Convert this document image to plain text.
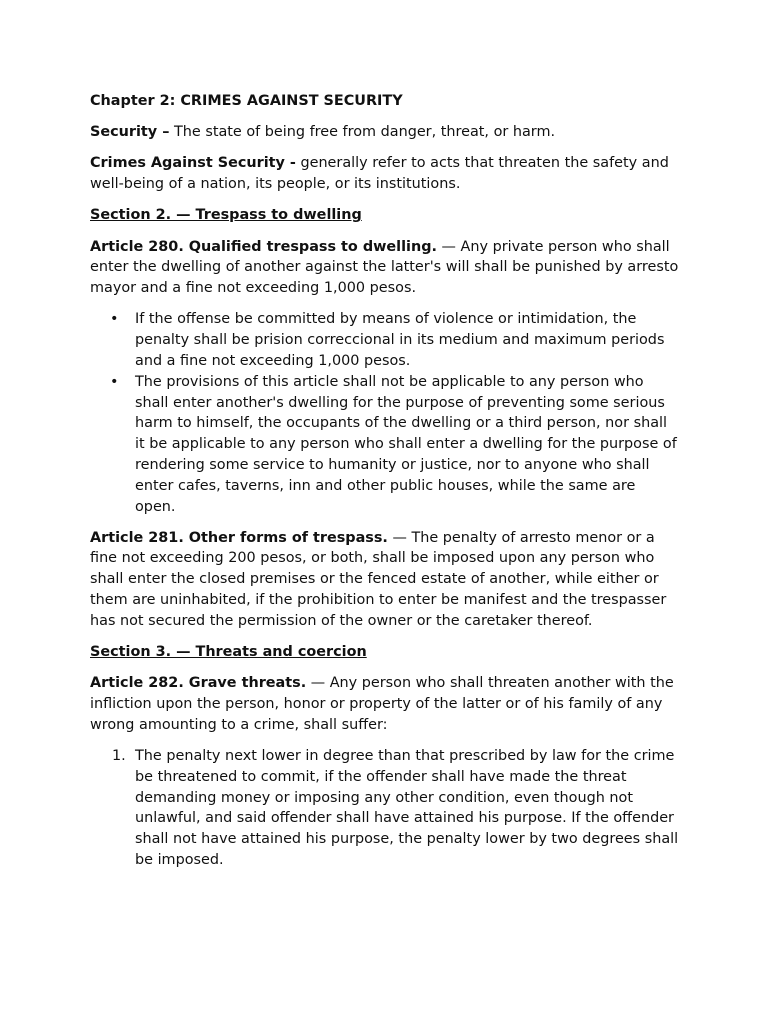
Chapter 2: CRIMES AGAINST SECURITY

Security – The state of being free from danger, threat, or harm.

Crimes Against Security - generally refer to acts that threaten the safety and well-being of a nation, its people, or its institutions.

Section 2. — Trespass to dwelling

Article 280. Qualified trespass to dwelling. — Any private person who shall enter the dwelling of another against the latter's will shall be punished by arresto mayor and a fine not exceeding 1,000 pesos.

• If the offense be committed by means of violence or intimidation, the penalty shall be prision correccional in its medium and maximum periods and a fine not exceeding 1,000 pesos.
• The provisions of this article shall not be applicable to any person who shall enter another's dwelling for the purpose of preventing some serious harm to himself, the occupants of the dwelling or a third person, nor shall it be applicable to any person who shall enter a dwelling for the purpose of rendering some service to humanity or justice, nor to anyone who shall enter cafes, taverns, inn and other public houses, while the same are open.

Article 281. Other forms of trespass. — The penalty of arresto menor or a fine not exceeding 200 pesos, or both, shall be imposed upon any person who shall enter the closed premises or the fenced estate of another, while either or them are uninhabited, if the prohibition to enter be manifest and the trespasser has not secured the permission of the owner or the caretaker thereof.

Section 3. — Threats and coercion

Article 282. Grave threats. — Any person who shall threaten another with the infliction upon the person, honor or property of the latter or of his family of any wrong amounting to a crime, shall suffer:

1. The penalty next lower in degree than that prescribed by law for the crime be threatened to commit, if the offender shall have made the threat demanding money or imposing any other condition, even though not unlawful, and said offender shall have attained his purpose. If the offender shall not have attained his purpose, the penalty lower by two degrees shall be imposed.
